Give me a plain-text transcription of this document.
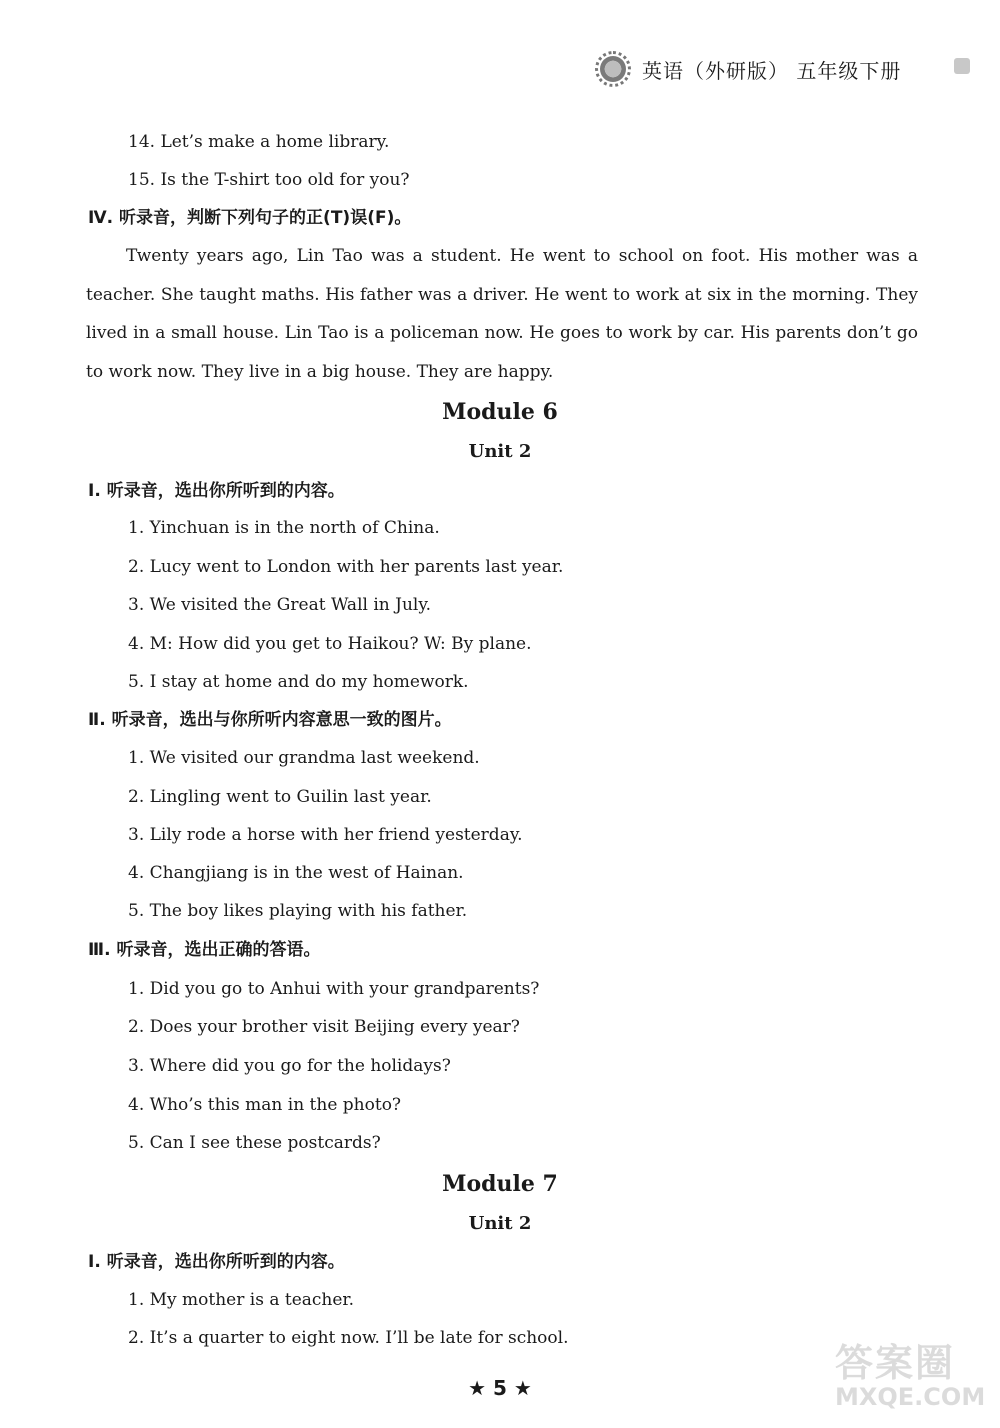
英语（外研版） 五年级下册
14. Let’s make a home library.
15. Is the T-shirt too old for you?
Ⅳ. 听录音，判断下列句子的正(T)误(F)。
Twenty years ago, Lin Tao was a student. He went to school on foot. His mother was a teacher. She taught maths. His father was a driver. He went to work at six in the morning. They lived in a small house. Lin Tao is a policeman now. He goes to work by car. His parents don’t go to work now. They live in a big house. They are happy.
Module 6
Unit 2
Ⅰ. 听录音，选出你所听到的内容。
1. Yinchuan is in the north of China.
2. Lucy went to London with her parents last year.
3. We visited the Great Wall in July.
4. M: How did you get to Haikou? W: By plane.
5. I stay at home and do my homework.
Ⅱ. 听录音，选出与你所听内容意思一致的图片。
1. We visited our grandma last weekend.
2. Lingling went to Guilin last year.
3. Lily rode a horse with her friend yesterday.
4. Changjiang is in the west of Hainan.
5. The boy likes playing with his father.
Ⅲ. 听录音，选出正确的答语。
1. Did you go to Anhui with your grandparents?
2. Does your brother visit Beijing every year?
3. Where did you go for the holidays?
4. Who’s this man in the photo?
5. Can I see these postcards?
Module 7
Unit 2
Ⅰ. 听录音，选出你所听到的内容。
1. My mother is a teacher.
2. It’s a quarter to eight now. I’ll be late for school.
★ 5 ★
答案圈
MXQE.COM
